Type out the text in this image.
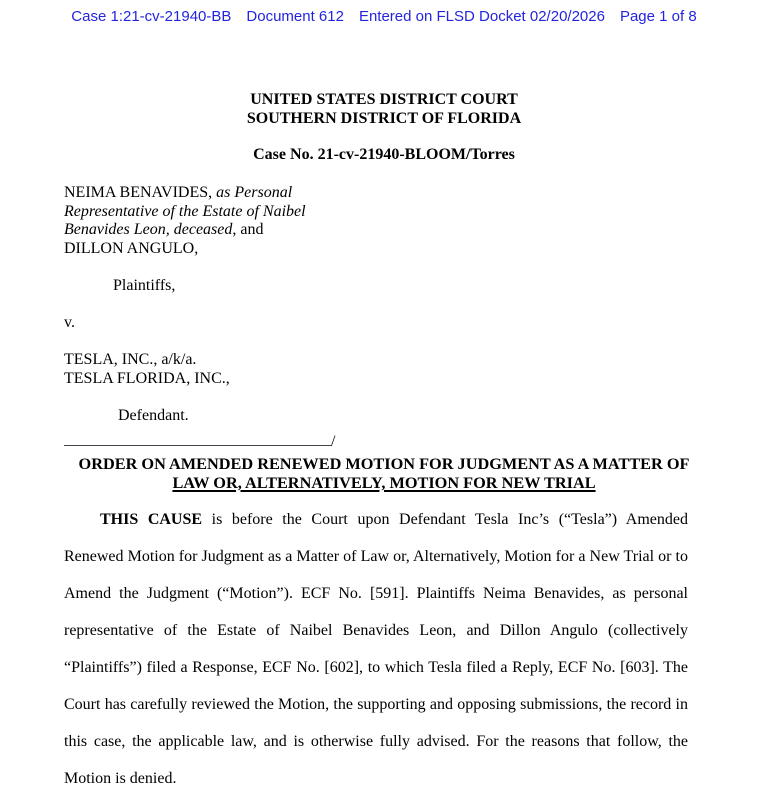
Case 1:21-cv-21940-BB Document 612 Entered on FLSD Docket 02/20/2026 Page 1 of 8
UNITED STATES DISTRICT COURT
SOUTHERN DISTRICT OF FLORIDA
Case No. 21-cv-21940-BLOOM/Torres
NEIMA BENAVIDES, as Personal
Representative of the Estate of Naibel
Benavides Leon, deceased, and
DILLON ANGULO,
Plaintiffs,
v.
TESLA, INC., a/k/a.
TESLA FLORIDA, INC.,
Defendant.
/
ORDER ON AMENDED RENEWED MOTION FOR JUDGMENT AS A MATTER OF
LAW OR, ALTERNATIVELY, MOTION FOR NEW TRIAL

THIS CAUSE is before the Court upon Defendant Tesla Inc’s (“Tesla”) Amended Renewed Motion for Judgment as a Matter of Law or, Alternatively, Motion for a New Trial or to Amend the Judgment (“Motion”). ECF No. [591]. Plaintiffs Neima Benavides, as personal representative of the Estate of Naibel Benavides Leon, and Dillon Angulo (collectively “Plaintiffs”) filed a Response, ECF No. [602], to which Tesla filed a Reply, ECF No. [603]. The Court has carefully reviewed the Motion, the supporting and opposing submissions, the record in this case, the applicable law, and is otherwise fully advised. For the reasons that follow, the Motion is denied.
